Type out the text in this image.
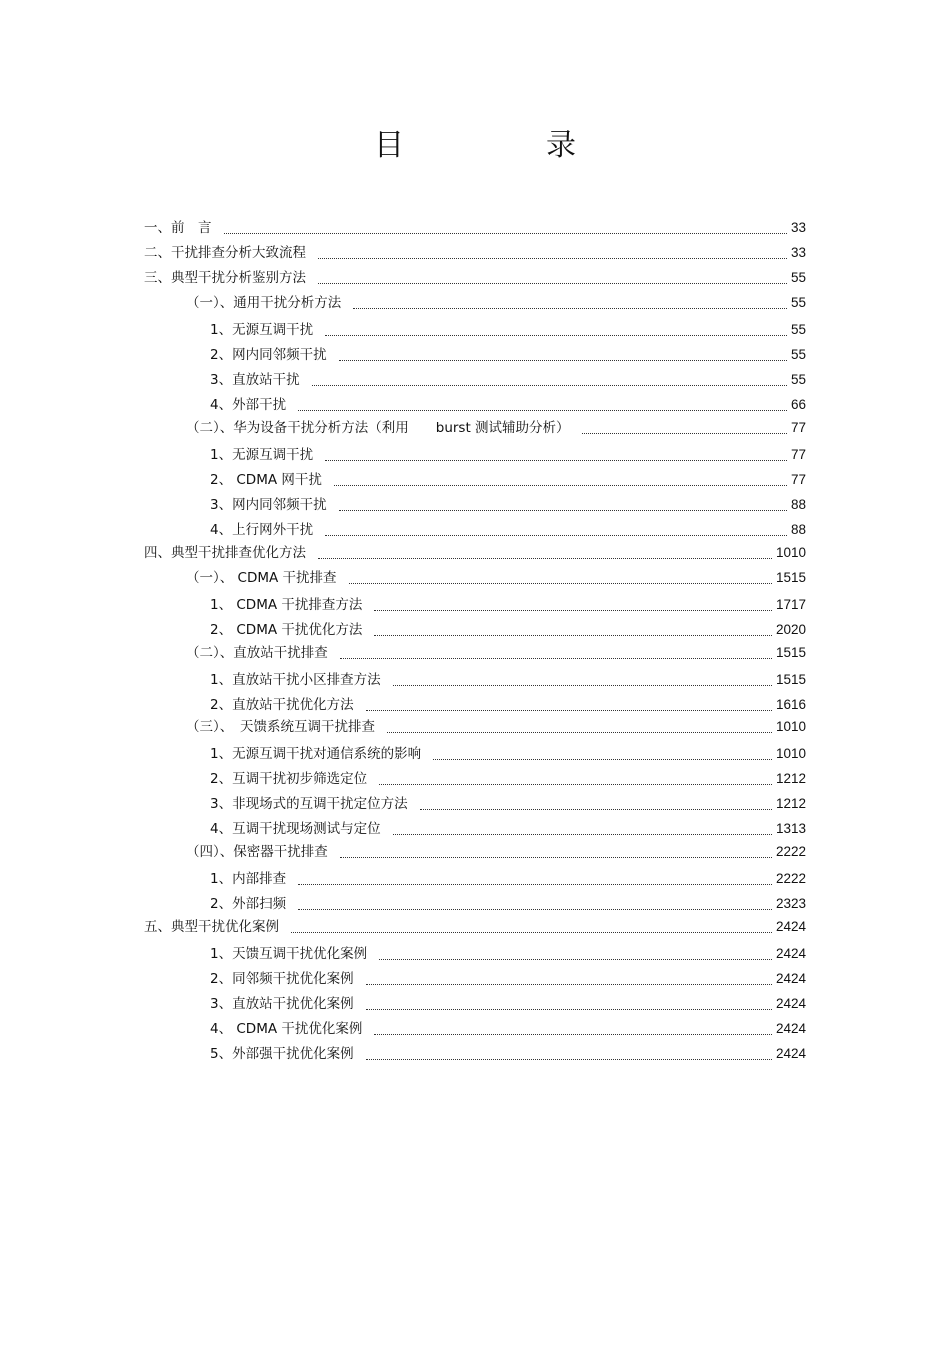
目　录
一、前　言	33
二、干扰排查分析大致流程	33
三、典型干扰分析鉴别方法	55
（一）、通用干扰分析方法	55
1、无源互调干扰	55
2、网内同邻频干扰	55
3、直放站干扰	55
4、外部干扰	66
（二）、华为设备干扰分析方法（利用　　burst 测试辅助分析）	77
1、无源互调干扰	77
2、 CDMA 网干扰	77
3、网内同邻频干扰	88
4、上行网外干扰	88
四、典型干扰排查优化方法	1010
（一）、 CDMA 干扰排查	1515
1、 CDMA 干扰排查方法	1717
2、 CDMA 干扰优化方法	2020
（二）、直放站干扰排查	1515
1、直放站干扰小区排查方法	1515
2、直放站干扰优化方法	1616
（三）、　天馈系统互调干扰排查	1010
1、无源互调干扰对通信系统的影响	1010
2、互调干扰初步筛选定位	1212
3、非现场式的互调干扰定位方法	1212
4、互调干扰现场测试与定位	1313
（四）、保密器干扰排查	2222
1、内部排查	2222
2、外部扫频	2323
五、典型干扰优化案例	2424
1、天馈互调干扰优化案例	2424
2、同邻频干扰优化案例	2424
3、直放站干扰优化案例	2424
4、 CDMA 干扰优化案例	2424
5、外部强干扰优化案例	2424
